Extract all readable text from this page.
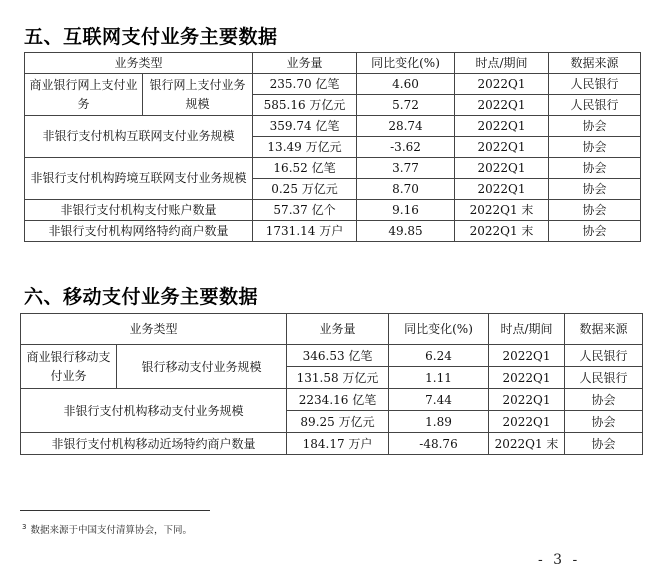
五、互联网支付业务主要数据
业务类型		业务量	同比变化(%)	时点/期间	数据来源
商业银行网上支付业务	银行网上支付业务规模	235.70 亿笔	4.60	2022Q1	人民银行
		585.16 万亿元	5.72	2022Q1	人民银行
非银行支付机构互联网支付业务规模		359.74 亿笔	28.74	2022Q1	协会
		13.49 万亿元	-3.62	2022Q1	协会
非银行支付机构跨境互联网支付业务规模		16.52 亿笔	3.77	2022Q1	协会
		0.25 万亿元	8.70	2022Q1	协会
非银行支付机构支付账户数量		57.37 亿个	9.16	2022Q1 末	协会
非银行支付机构网络特约商户数量		1731.14 万户	49.85	2022Q1 末	协会
六、移动支付业务主要数据
业务类型		业务量	同比变化(%)	时点/期间	数据来源
商业银行移动支付业务	银行移动支付业务规模	346.53 亿笔	6.24	2022Q1	人民银行
		131.58 万亿元	1.11	2022Q1	人民银行
非银行支付机构移动支付业务规模		2234.16 亿笔	7.44	2022Q1	协会
		89.25 万亿元	1.89	2022Q1	协会
非银行支付机构移动近场特约商户数量		184.17 万户	-48.76	2022Q1 末	协会
$^3$ 数据来源于中国支付清算协会，下同。
- 3 -
